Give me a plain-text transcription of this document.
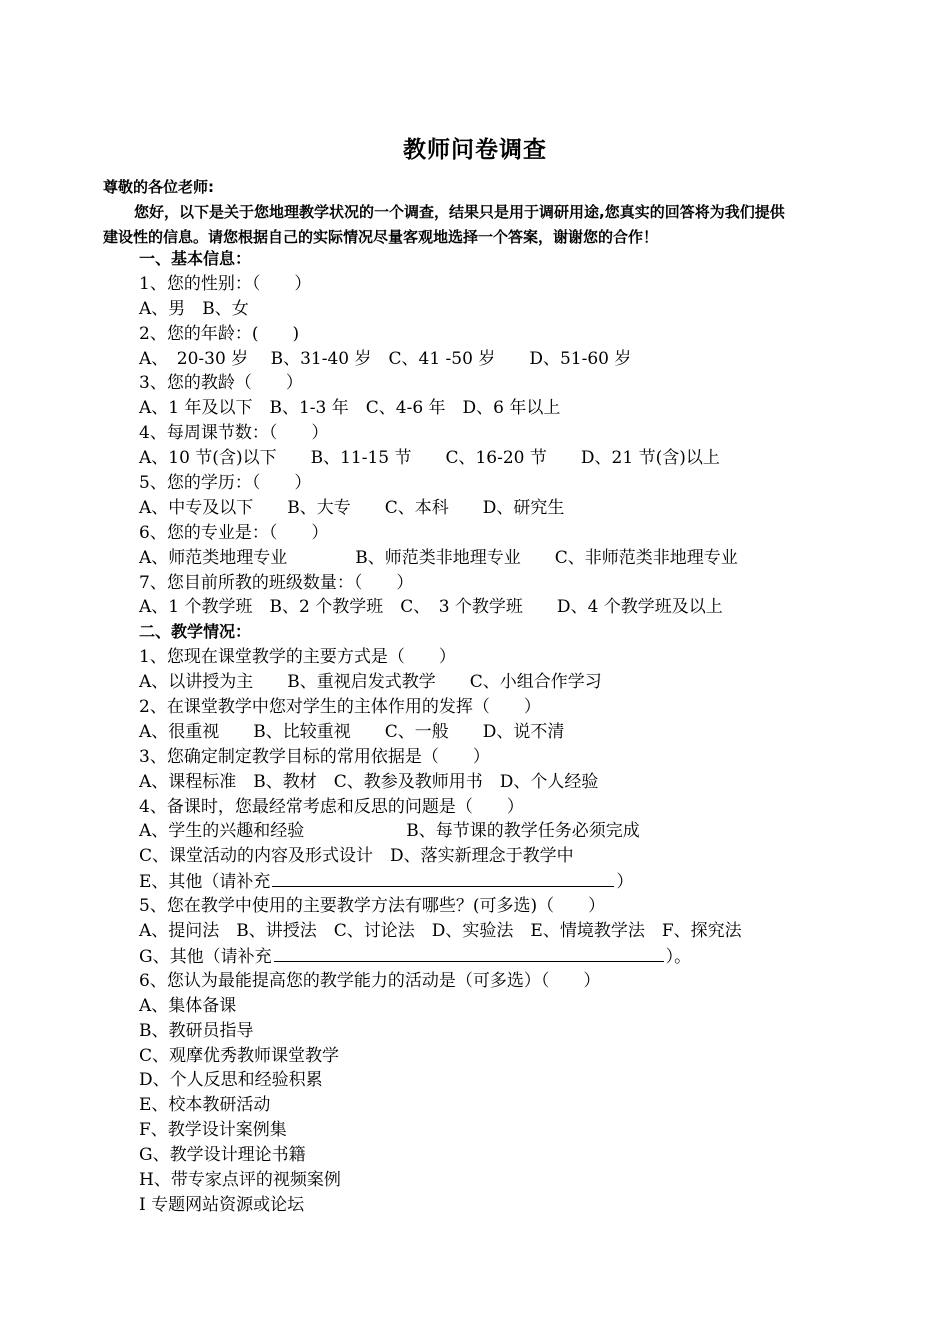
教师问卷调查
尊敬的各位老师:
您好，以下是关于您地理教学状况的一个调查，结果只是用于调研用途,您真实的回答将为我们提供
建设性的信息。请您根据自己的实际情况尽量客观地选择一个答案，谢谢您的合作！
一、基本信息：
1、您的性别：（　　）
A、男　B、女
2、您的年龄：(　　)
A、　20-30 岁　 B、31-40 岁　C、41 -50 岁　　D、51-60 岁
3、您的教龄（　　）
A、1 年及以下　B、1-3 年　C、4-6 年　D、6 年以上
4、每周课节数：（　　）
A、10 节(含)以下　　B、11-15 节　　C、16-20 节　　D、21 节(含)以上
5、您的学历：（　　）
A、中专及以下　　B、大专　　C、本科　　D、研究生
6、您的专业是：（　　）
A、师范类地理专业　　　　B、师范类非地理专业　　C、非师范类非地理专业
7、您目前所教的班级数量：（　　）
A、1 个教学班　B、2 个教学班　C、　3 个教学班　　D、4 个教学班及以上
二、教学情况：
1、您现在课堂教学的主要方式是（　　）
A、以讲授为主　　B、重视启发式教学　　C、小组合作学习
2、在课堂教学中您对学生的主体作用的发挥（　　）
A、很重视　　B、比较重视　　C、一般　　D、说不清
3、您确定制定教学目标的常用依据是（　　）
A、课程标准　B、教材　C、教参及教师用书　D、个人经验
4、备课时，您最经常考虑和反思的问题是（　　）
A、学生的兴趣和经验　　　　　　B、每节课的教学任务必须完成
C、课堂活动的内容及形式设计　D、落实新理念于教学中
E、其他（请补充	）
5、您在教学中使用的主要教学方法有哪些？(可多选)（　　）
A、提问法　B、讲授法　C、讨论法　D、实验法　E、情境教学法　F、探究法
G、其他（请补充	）。
6、您认为最能提高您的教学能力的活动是（可多选）（　　）
A、集体备课
B、教研员指导
C、观摩优秀教师课堂教学
D、个人反思和经验积累
E、校本教研活动
F、教学设计案例集
G、教学设计理论书籍
H、带专家点评的视频案例
I 专题网站资源或论坛
